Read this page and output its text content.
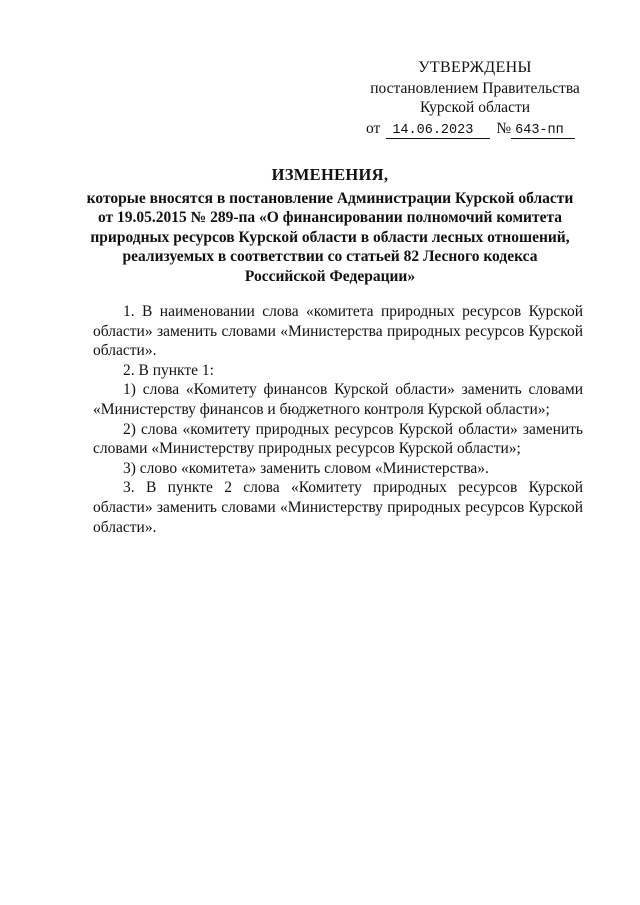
УТВЕРЖДЕНЫ
постановлением Правительства
Курской области
от 14.06.2023 № 643-пп
ИЗМЕНЕНИЯ,
которые вносятся в постановление Администрации Курской области
от 19.05.2015 № 289-па «О финансировании полномочий комитета
природных ресурсов Курской области в области лесных отношений,
реализуемых в соответствии со статьей 82 Лесного кодекса
Российской Федерации»

1. В наименовании слова «комитета природных ресурсов Курской области» заменить словами «Министерства природных ресурсов Курской области».

2. В пункте 1:

1) слова «Комитету финансов Курской области» заменить словами «Министерству финансов и бюджетного контроля Курской области»;

2) слова «комитету природных ресурсов Курской области» заменить словами «Министерству природных ресурсов Курской области»;

3) слово «комитета» заменить словом «Министерства».

3. В пункте 2 слова «Комитету природных ресурсов Курской области» заменить словами «Министерству природных ресурсов Курской области».
